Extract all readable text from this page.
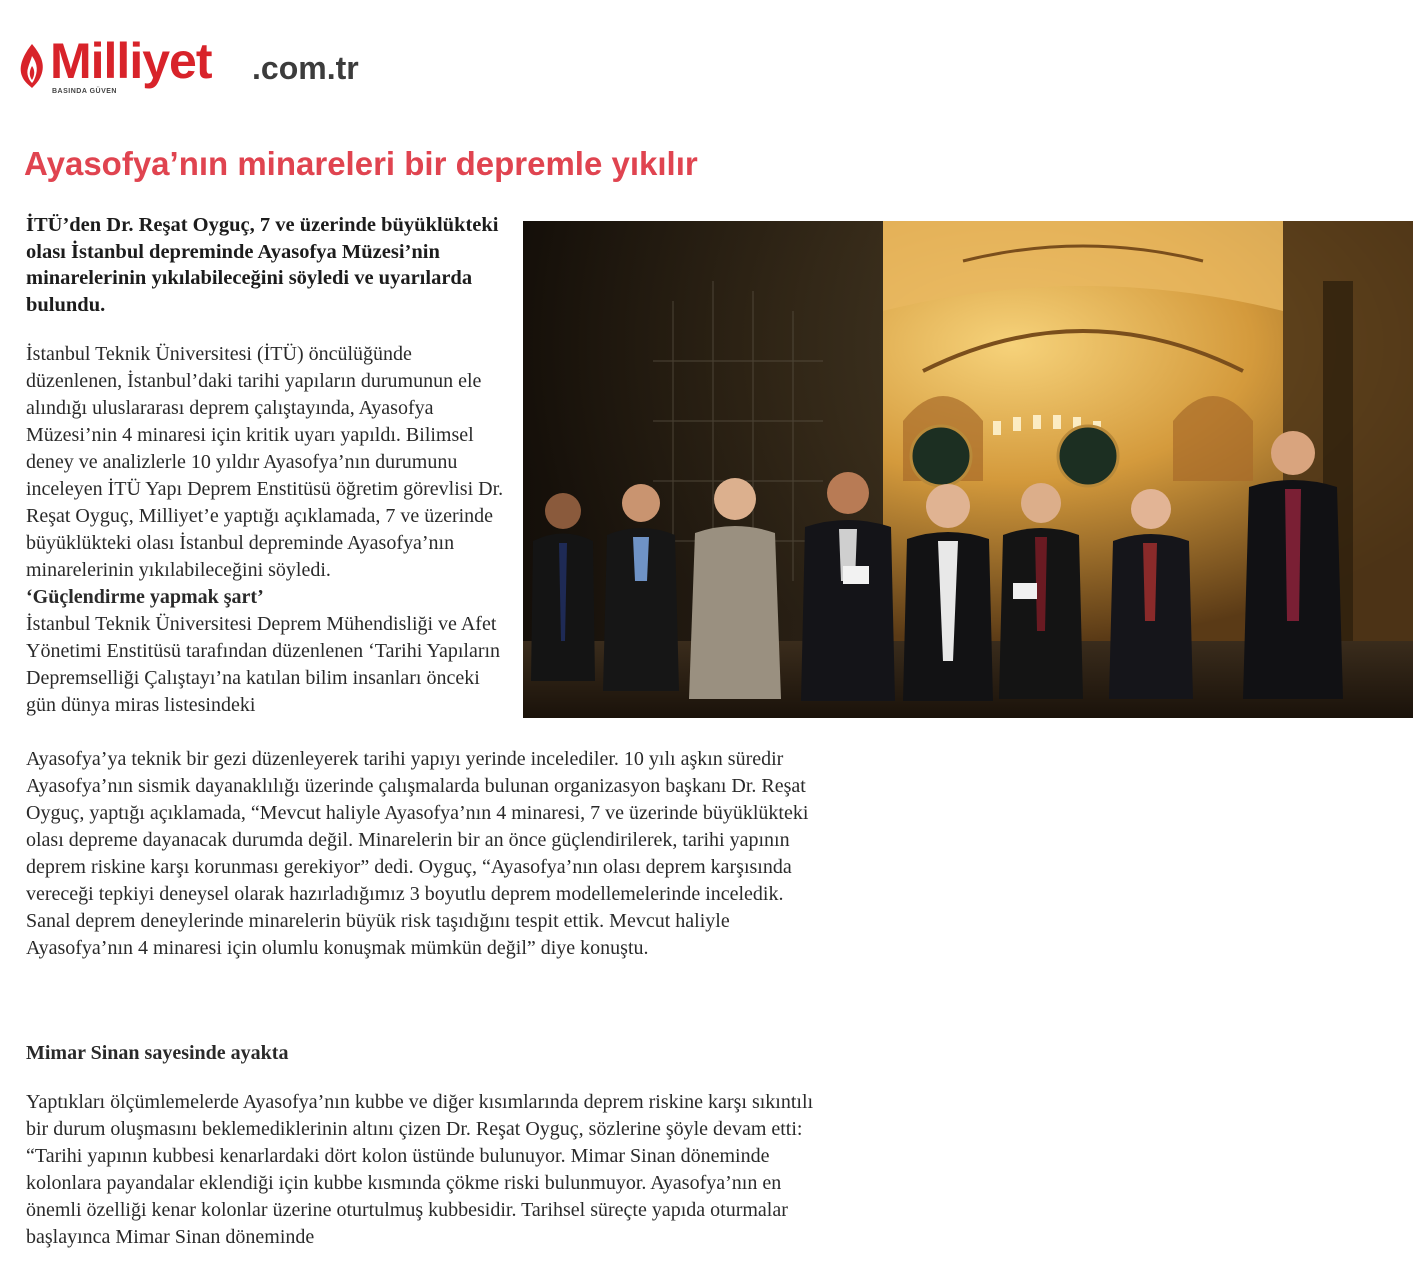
Milliyet .com.tr
BASINDA GÜVEN
Ayasofya’nın minareleri bir depremle yıkılır

İTÜ’den Dr. Reşat Oyguç, 7 ve üzerinde büyüklükteki olası İstanbul depreminde Ayasofya Müzesi’nin minarelerinin yıkılabileceğini söyledi ve uyarılarda bulundu.

İstanbul Teknik Üniversitesi (İTÜ) öncülüğünde düzenlenen, İstanbul’daki tarihi yapıların durumunun ele alındığı uluslararası deprem çalıştayında, Ayasofya Müzesi’nin 4 minaresi için kritik uyarı yapıldı. Bilimsel deney ve analizlerle 10 yıldır Ayasofya’nın durumunu inceleyen İTÜ Yapı Deprem Enstitüsü öğretim görevlisi Dr. Reşat Oyguç, Milliyet’e yaptığı açıklamada, 7 ve üzerinde büyüklükteki olası İstanbul depreminde Ayasofya’nın minarelerinin yıkılabileceğini söyledi.

‘Güçlendirme yapmak şart’

İstanbul Teknik Üniversitesi Deprem Mühendisliği ve Afet Yönetimi Enstitüsü tarafından düzenlenen ‘Tarihi Yapıların Depremselliği Çalıştayı’na katılan bilim insanları önceki gün dünya miras listesindeki

Ayasofya’ya teknik bir gezi düzenleyerek tarihi yapıyı yerinde incelediler. 10 yılı aşkın süredir Ayasofya’nın sismik dayanaklılığı üzerinde çalışmalarda bulunan organizasyon başkanı Dr. Reşat Oyguç, yaptığı açıklamada, “Mevcut haliyle Ayasofya’nın 4 minaresi, 7 ve üzerinde büyüklükteki olası depreme dayanacak durumda değil. Minarelerin bir an önce güçlendirilerek, tarihi yapının deprem riskine karşı korunması gerekiyor” dedi. Oyguç, “Ayasofya’nın olası deprem karşısında vereceği tepkiyi deneysel olarak hazırladığımız 3 boyutlu deprem modellemelerinde inceledik. Sanal deprem deneylerinde minarelerin büyük risk taşıdığını tespit ettik. Mevcut haliyle Ayasofya’nın 4 minaresi için olumlu konuşmak mümkün değil” diye konuştu.

Mimar Sinan sayesinde ayakta

Yaptıkları ölçümlemelerde Ayasofya’nın kubbe ve diğer kısımlarında deprem riskine karşı sıkıntılı bir durum oluşmasını beklemediklerinin altını çizen Dr. Reşat Oyguç, sözlerine şöyle devam etti:

“Tarihi yapının kubbesi kenarlardaki dört kolon üstünde bulunuyor. Mimar Sinan döneminde kolonlara payandalar eklendiği için kubbe kısmında çökme riski bulunmuyor. Ayasofya’nın en önemli özelliği kenar kolonlar üzerine oturtulmuş kubbesidir. Tarihsel süreçte yapıda oturmalar başlayınca Mimar Sinan döneminde
